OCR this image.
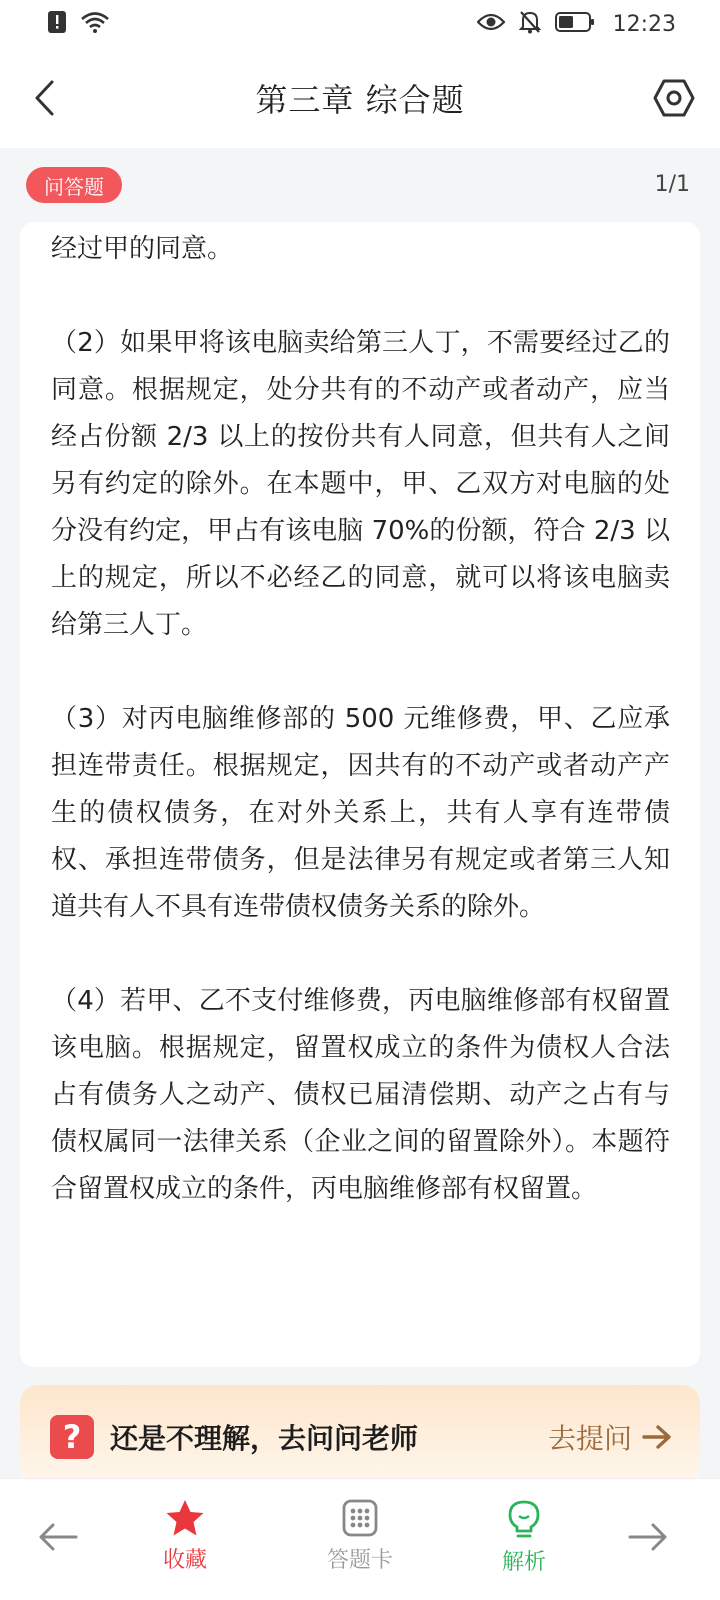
12:23
第三章 综合题
问答题	1/1

经过甲的同意。

（2）如果甲将该电脑卖给第三人丁，不需要经过乙的同意。根据规定，处分共有的不动产或者动产，应当经占份额 2/3 以上的按份共有人同意，但共有人之间另有约定的除外。在本题中，甲、乙双方对电脑的处分没有约定，甲占有该电脑 70%的份额，符合 2/3 以上的规定，所以不必经乙的同意，就可以将该电脑卖给第三人丁。

（3）对丙电脑维修部的 500 元维修费，甲、乙应承担连带责任。根据规定，因共有的不动产或者动产产生的债权债务，在对外关系上，共有人享有连带债权、承担连带债务，但是法律另有规定或者第三人知道共有人不具有连带债权债务关系的除外。

（4）若甲、乙不支付维修费，丙电脑维修部有权留置该电脑。根据规定，留置权成立的条件为债权人合法占有债务人之动产、债权已届清偿期、动产之占有与债权属同一法律关系（企业之间的留置除外）。本题符合留置权成立的条件，丙电脑维修部有权留置。

?	还是不理解，去问问老师	去提问
收藏	答题卡	解析
